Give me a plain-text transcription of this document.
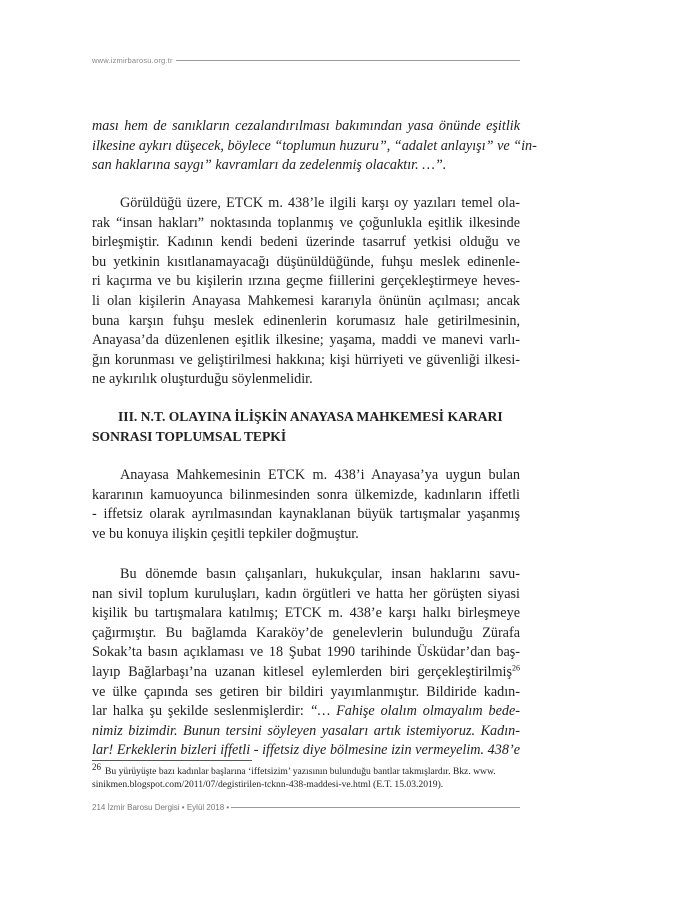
www.izmirbarosu.org.tr
ması hem de sanıkların cezalandırılması bakımından yasa önünde eşitlik
ilkesine aykırı düşecek, böylece “toplumun huzuru”, “adalet anlayışı” ve “in-
san haklarına saygı” kavramları da zedelenmiş olacaktır. …”.
Görüldüğü üzere, ETCK m. 438’le ilgili karşı oy yazıları temel ola-
rak “insan hakları” noktasında toplanmış ve çoğunlukla eşitlik ilkesinde
birleşmiştir. Kadının kendi bedeni üzerinde tasarruf yetkisi olduğu ve
bu yetkinin kısıtlanamayacağı düşünüldüğünde, fuhşu meslek edinenle-
ri kaçırma ve bu kişilerin ırzına geçme fiillerini gerçekleştirmeye heves-
li olan kişilerin Anayasa Mahkemesi kararıyla önünün açılması; ancak
buna karşın fuhşu meslek edinenlerin korumasız hale getirilmesinin,
Anayasa’da düzenlenen eşitlik ilkesine; yaşama, maddi ve manevi varlı-
ğın korunması ve geliştirilmesi hakkına; kişi hürriyeti ve güvenliği ilkesi-
ne aykırılık oluşturduğu söylenmelidir.
III. N.T. OLAYINA İLİŞKİN ANAYASA MAHKEMESİ KARARI
SONRASI TOPLUMSAL TEPKİ
Anayasa Mahkemesinin ETCK m. 438’i Anayasa’ya uygun bulan
kararının kamuoyunca bilinmesinden sonra ülkemizde, kadınların iffetli
- iffetsiz olarak ayrılmasından kaynaklanan büyük tartışmalar yaşanmış
ve bu konuya ilişkin çeşitli tepkiler doğmuştur.
Bu dönemde basın çalışanları, hukukçular, insan haklarını savu-
nan sivil toplum kuruluşları, kadın örgütleri ve hatta her görüşten siyasi
kişilik bu tartışmalara katılmış; ETCK m. 438’e karşı halkı birleşmeye
çağırmıştır. Bu bağlamda Karaköy’de genelevlerin bulunduğu Zürafa
Sokak’ta basın açıklaması ve 18 Şubat 1990 tarihinde Üsküdar’dan baş-
layıp Bağlarbaşı’na uzanan kitlesel eylemlerden biri gerçekleştirilmiş$^{26}$
ve ülke çapında ses getiren bir bildiri yayımlanmıştır. Bildiride kadın-
lar halka şu şekilde seslenmişlerdir: “… Fahişe olalım olmayalım bede-
nimiz bizimdir. Bunun tersini söyleyen yasaları artık istemiyoruz. Kadın-
lar! Erkeklerin bizleri iffetli - iffetsiz diye bölmesine izin vermeyelim. 438’e
26 Bu yürüyüşte bazı kadınlar başlarına ‘iffetsizim’ yazısının bulunduğu bantlar takmışlardır. Bkz. www.
sinikmen.blogspot.com/2011/07/degistirilen-tcknn-438-maddesi-ve.html (E.T. 15.03.2019).
214 İzmir Barosu Dergisi • Eylül 2018 •
